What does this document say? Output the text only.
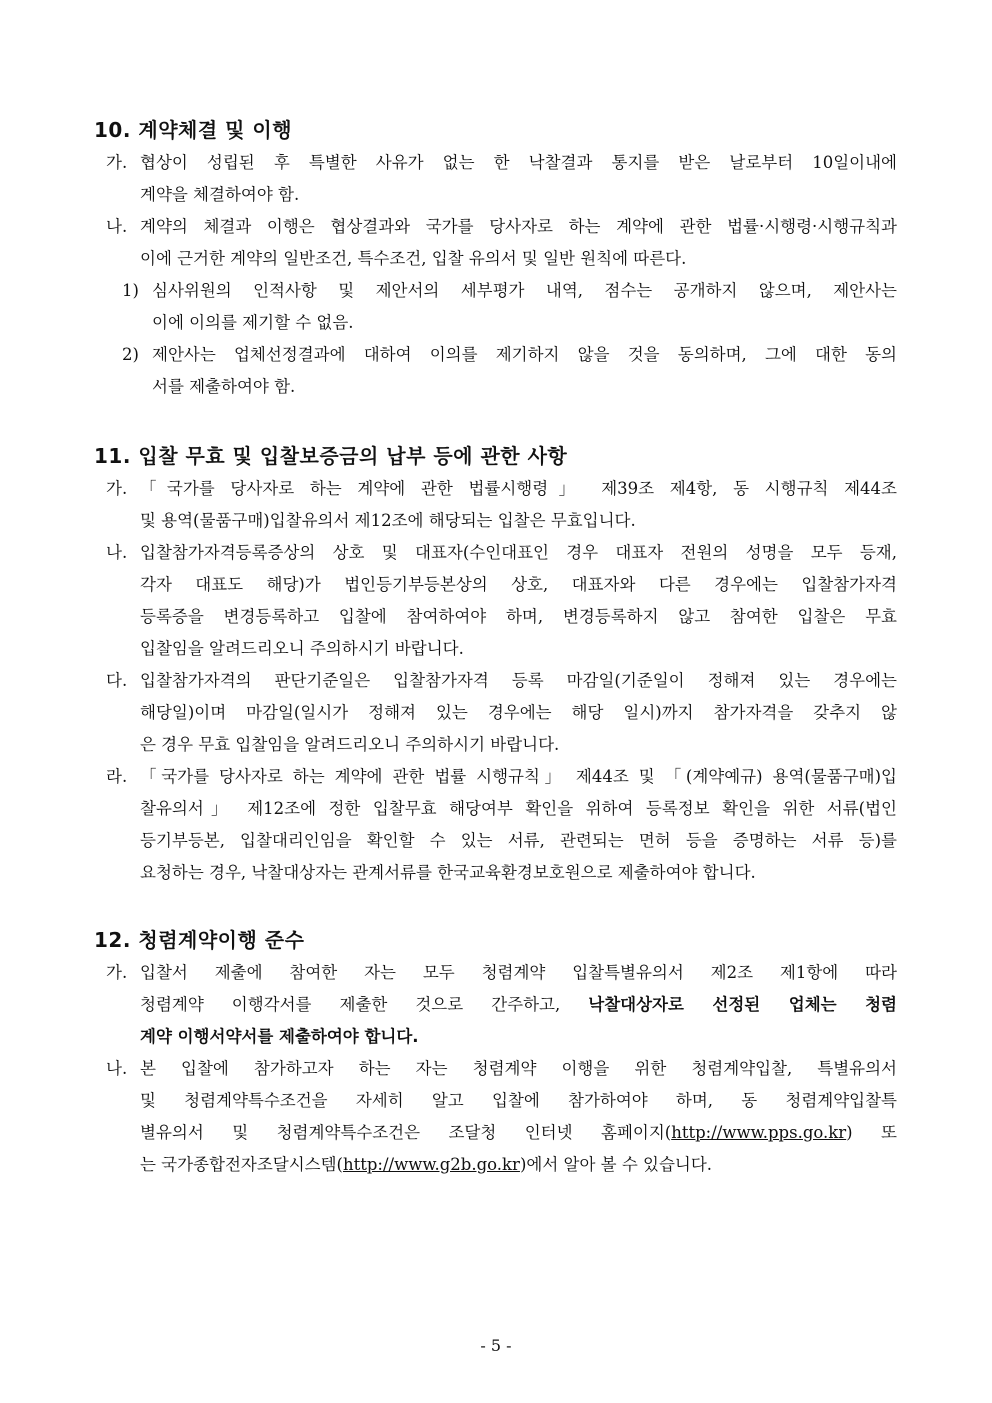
10. 계약체결 및 이행
가. 협상이 성립된 후 특별한 사유가 없는 한 낙찰결과 통지를 받은 날로부터 10일이내에
계약을 체결하여야 함.
나. 계약의 체결과 이행은 협상결과와 국가를 당사자로 하는 계약에 관한 법률·시행령·시행규칙과
이에 근거한 계약의 일반조건, 특수조건, 입찰 유의서 및 일반 원칙에 따른다.
1) 심사위원의 인적사항 및 제안서의 세부평가 내역, 점수는 공개하지 않으며, 제안사는
이에 이의를 제기할 수 없음.
2) 제안사는 업체선정결과에 대하여 이의를 제기하지 않을 것을 동의하며, 그에 대한 동의
서를 제출하여야 함.
11. 입찰 무효 및 입찰보증금의 납부 등에 관한 사항
가. 「국가를 당사자로 하는 계약에 관한 법률시행령」 제39조 제4항, 동 시행규칙 제44조
및 용역(물품구매)입찰유의서 제12조에 해당되는 입찰은 무효입니다.
나. 입찰참가자격등록증상의 상호 및 대표자(수인대표인 경우 대표자 전원의 성명을 모두 등재,
각자 대표도 해당)가 법인등기부등본상의 상호, 대표자와 다른 경우에는 입찰참가자격
등록증을 변경등록하고 입찰에 참여하여야 하며, 변경등록하지 않고 참여한 입찰은 무효
입찰임을 알려드리오니 주의하시기 바랍니다.
다. 입찰참가자격의 판단기준일은 입찰참가자격 등록 마감일(기준일이 정해져 있는 경우에는
해당일)이며 마감일(일시가 정해져 있는 경우에는 해당 일시)까지 참가자격을 갖추지 않
은 경우 무효 입찰임을 알려드리오니 주의하시기 바랍니다.
라. 「국가를 당사자로 하는 계약에 관한 법률 시행규칙」 제44조 및 「(계약예규) 용역(물품구매)입
찰유의서」 제12조에 정한 입찰무효 해당여부 확인을 위하여 등록정보 확인을 위한 서류(법인
등기부등본, 입찰대리인임을 확인할 수 있는 서류, 관련되는 면허 등을 증명하는 서류 등)를
요청하는 경우, 낙찰대상자는 관계서류를 한국교육환경보호원으로 제출하여야 합니다.
12. 청렴계약이행 준수
가. 입찰서 제출에 참여한 자는 모두 청렴계약 입찰특별유의서 제2조 제1항에 따라
청렴계약 이행각서를 제출한 것으로 간주하고, 낙찰대상자로 선정된 업체는 청렴
계약 이행서약서를 제출하여야 합니다.
나. 본 입찰에 참가하고자 하는 자는 청렴계약 이행을 위한 청렴계약입찰, 특별유의서
및 청렴계약특수조건을 자세히 알고 입찰에 참가하여야 하며, 동 청렴계약입찰특
별유의서 및 청렴계약특수조건은 조달청 인터넷 홈페이지(http://www.pps.go.kr) 또
는 국가종합전자조달시스템(http://www.g2b.go.kr)에서 알아 볼 수 있습니다.
- 5 -
